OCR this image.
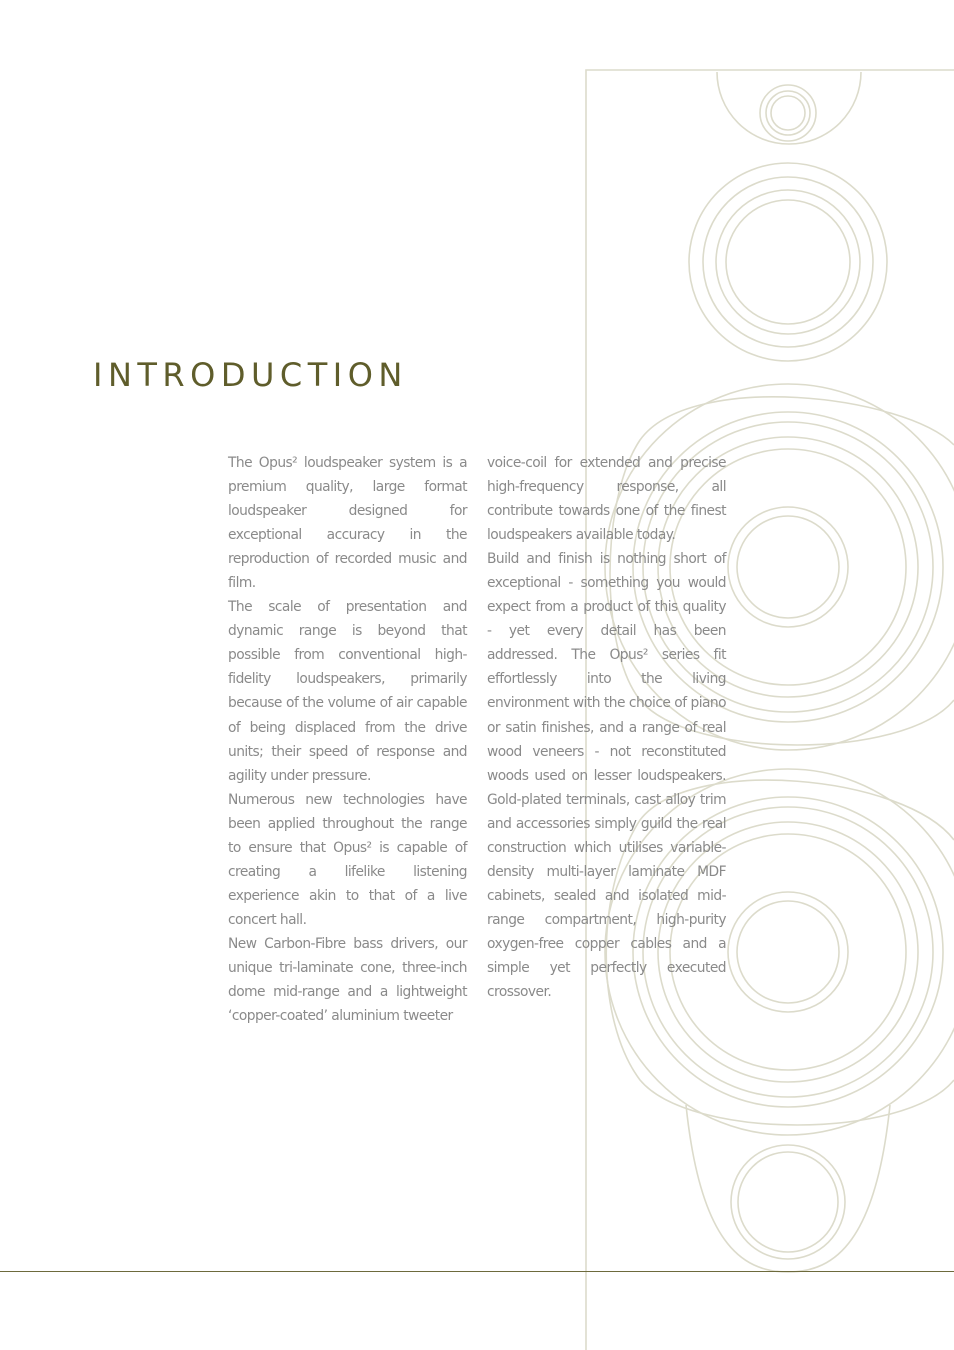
INTRODUCTION

The Opus² loudspeaker system is a premium quality, large format loudspeaker designed for exceptional accuracy in the reproduction of recorded music and film.

The scale of presentation and dynamic range is beyond that possible from conventional high-fidelity loudspeakers, primarily because of the volume of air capable of being displaced from the drive units; their speed of response and agility under pressure.

Numerous new technologies have been applied throughout the range to ensure that Opus² is capable of creating a lifelike listening experience akin to that of a live concert hall.

New Carbon-Fibre bass drivers, our unique tri-laminate cone, three-inch dome mid-range and a lightweight ‘copper-coated’ aluminium tweeter

voice-coil for extended and precise high-frequency response, all contribute towards one of the finest loudspeakers available today.

Build and finish is nothing short of exceptional - something you would expect from a product of this quality - yet every detail has been addressed. The Opus² series fit effortlessly into the living environment with the choice of piano or satin finishes, and a range of real wood veneers - not reconstituted woods used on lesser loudspeakers. Gold-plated terminals, cast alloy trim and accessories simply guild the real construction which utilises variable-density multi-layer laminate MDF cabinets, sealed and isolated mid-range compartment, high-purity oxygen-free copper cables and a simple yet perfectly executed crossover.
